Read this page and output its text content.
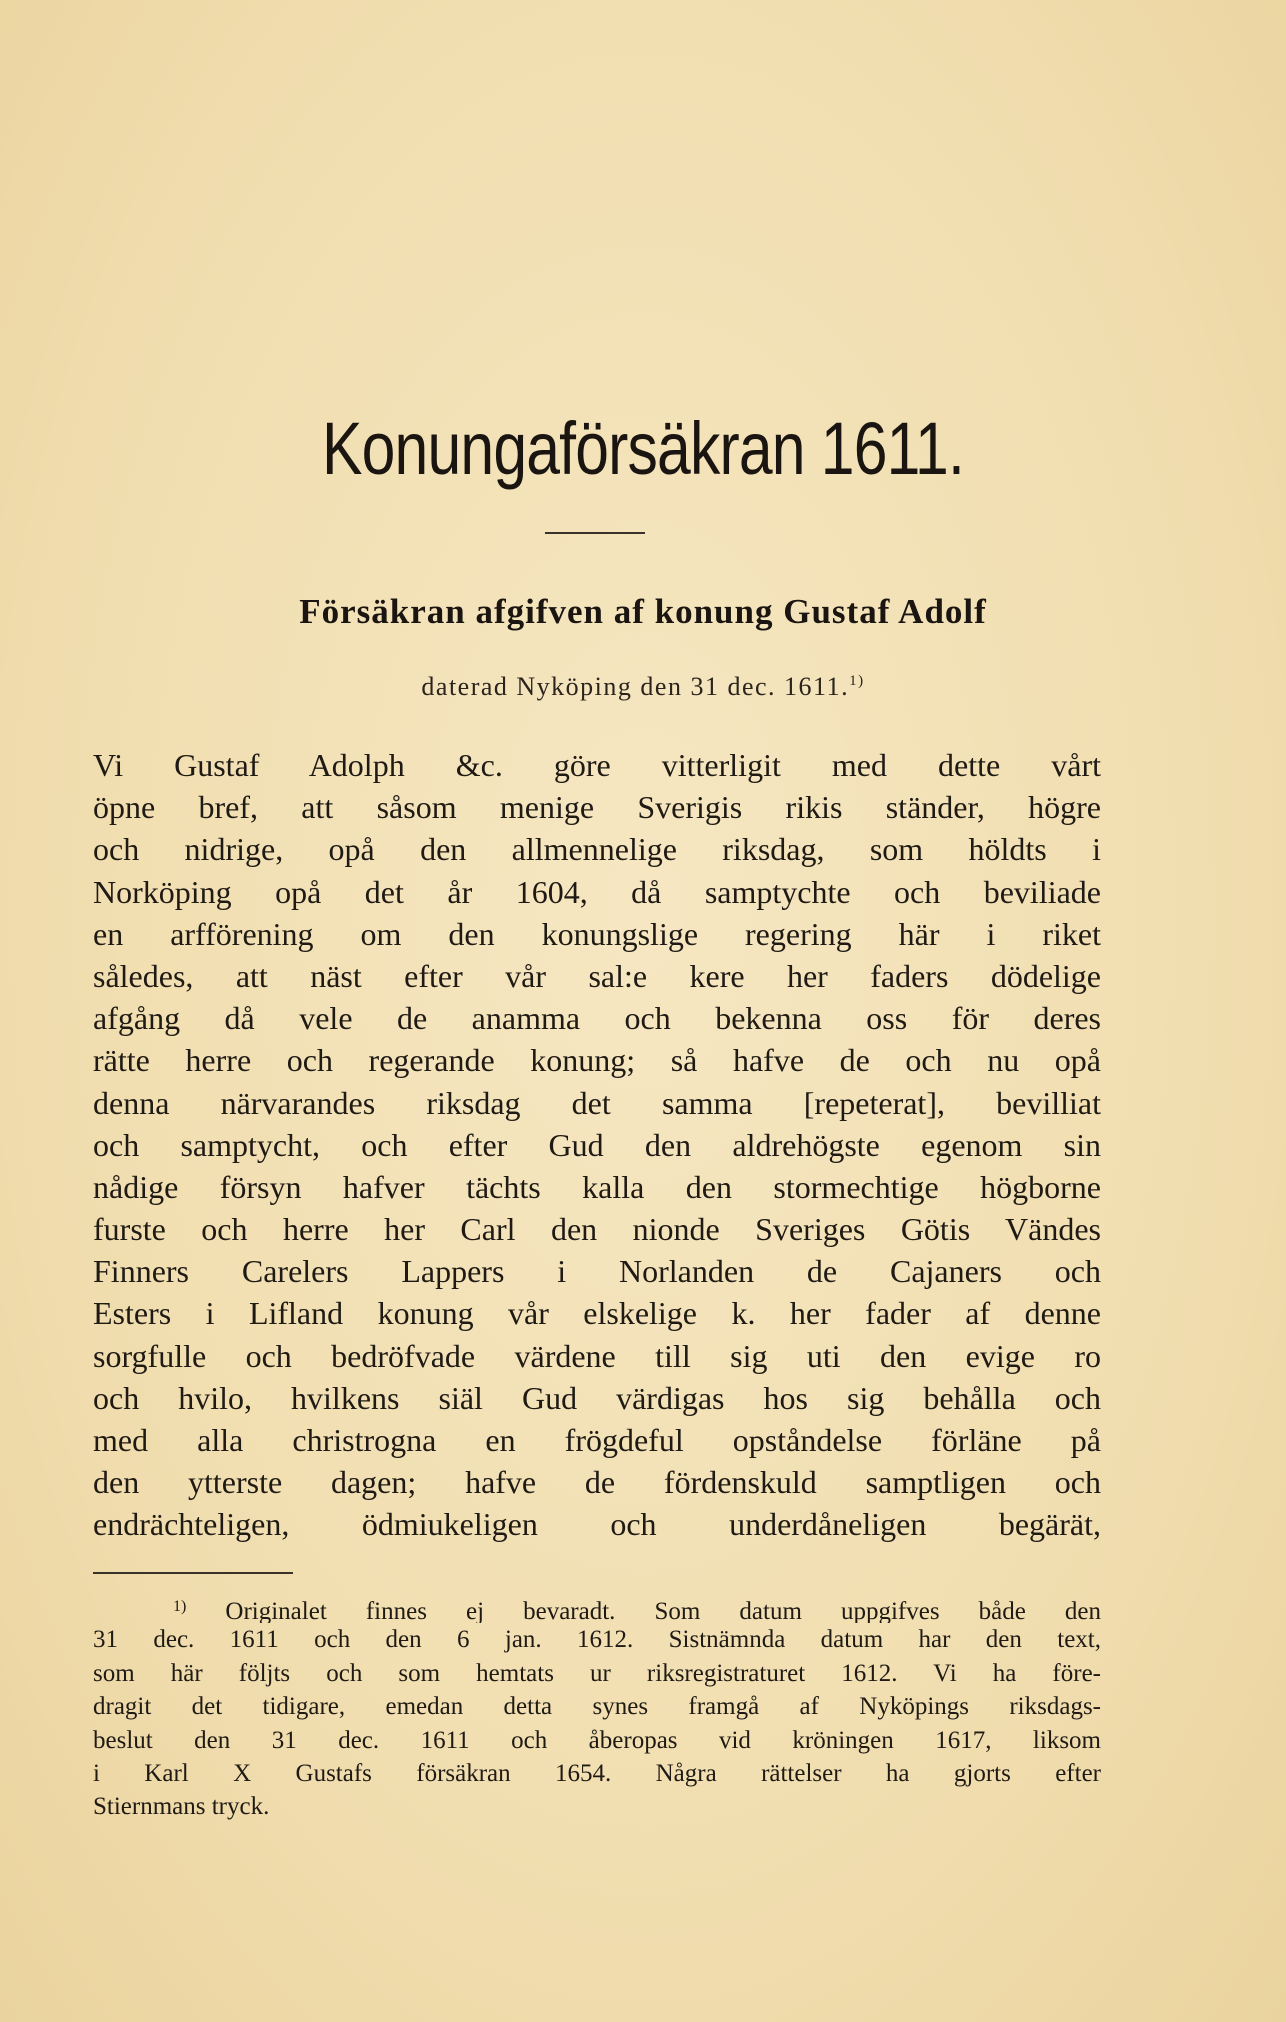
Konungaförsäkran 1611.
Försäkran afgifven af konung Gustaf Adolf
daterad Nyköping den 31 dec. 1611.$^{1)}$
Vi Gustaf Adolph &c. göre vitterligit med dette vårt
öpne bref, att såsom menige Sverigis rikis ständer, högre
och nidrige, opå den allmennelige riksdag, som höldts i
Norköping opå det år 1604, då samptychte och beviliade
en arfförening om den konungslige regering här i riket
således, att näst efter vår sal:e kere her faders dödelige
afgång då vele de anamma och bekenna oss för deres
rätte herre och regerande konung; så hafve de och nu opå
denna närvarandes riksdag det samma [repeterat], bevilliat
och samptycht, och efter Gud den aldrehögste egenom sin
nådige försyn hafver tächts kalla den stormechtige högborne
furste och herre her Carl den nionde Sveriges Götis Vändes
Finners Carelers Lappers i Norlanden de Cajaners och
Esters i Lifland konung vår elskelige k. her fader af denne
sorgfulle och bedröfvade värdene till sig uti den evige ro
och hvilo, hvilkens siäl Gud värdigas hos sig behålla och
med alla christrogna en frögdeful opståndelse förläne på
den ytterste dagen; hafve de fördenskuld samptligen och
endrächteligen, ödmiukeligen och underdåneligen begärät,
$^{1)}$ Originalet finnes ej bevaradt. Som datum uppgifves både den
31 dec. 1611 och den 6 jan. 1612. Sistnämnda datum har den text,
som här följts och som hemtats ur riksregistraturet 1612. Vi ha före-
dragit det tidigare, emedan detta synes framgå af Nyköpings riksdags-
beslut den 31 dec. 1611 och åberopas vid kröningen 1617, liksom
i Karl X Gustafs försäkran 1654. Några rättelser ha gjorts efter
Stiernmans tryck.
